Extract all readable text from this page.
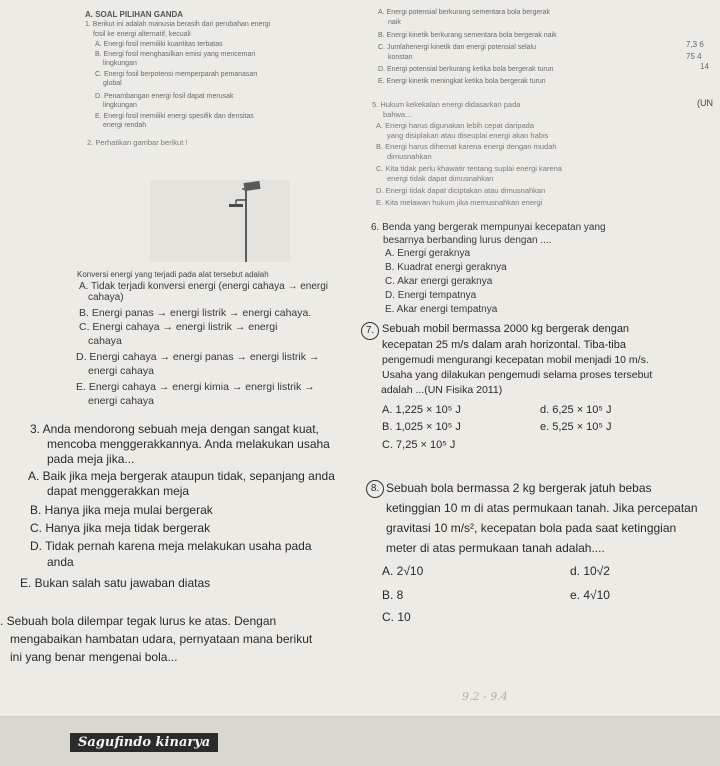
A. SOAL PILIHAN GANDA
1. Berikut ini adalah manusia berasih dari perubahan energi
fosil ke energi alternatif, kecuali
A. Energi fosil memiliki kuantitas terbatas
B. Energi fosil menghasilkan emisi yang mencemari
lingkungan
C. Energi fosil berpotensi memperparah pemanasan
global
D. Penambangan energi fosil dapat merusak
lingkungan
E. Energi fosil memiliki energi spesifik dan densitas
energi rendah
2. Perhatikan gambar berikut !
Konversi energi yang terjadi pada alat tersebut adalah
A. Tidak terjadi konversi energi (energi cahaya → energi
cahaya)
B. Energi panas → energi listrik → energi cahaya.
C. Energi cahaya → energi listrik → energi
cahaya
D. Energi cahaya → energi panas → energi listrik →
energi cahaya
E. Energi cahaya → energi kimia → energi listrik →
energi cahaya
3. Anda mendorong sebuah meja dengan sangat kuat,
mencoba menggerakkannya. Anda melakukan usaha
pada meja jika...
A. Baik jika meja bergerak ataupun tidak, sepanjang anda
dapat menggerakkan meja
B. Hanya jika meja mulai bergerak
C. Hanya jika meja tidak bergerak
D. Tidak pernah karena meja melakukan usaha pada
anda
E. Bukan salah satu jawaban diatas
. Sebuah bola dilempar tegak lurus ke atas. Dengan
mengabaikan hambatan udara, pernyataan mana berikut
ini yang benar mengenai bola...
A. Energi potensial berkurang sementara bola bergerak
naik
B. Energi kinetik berkurang sementara bola bergerak naik
C. Jumlahenergi kinetik dan energi potensial selalu
konstan
D. Energi potensial berkurang ketika bola bergerak turun
E. Energi kinetik meningkat ketika bola bergerak turun
5. Hukum kekekalan energi didasarkan pada
bahwa...
A. Energi harus digunakan lebih cepat daripada
yang disiplakan atau diseuplai energi akan habis
B. Energi harus dihemat karena energi dengan mudah
dimusnahkan
C. Kita tidak perlu khawatir tentang suplai energi karena
energi tidak dapat dimusnahkan
D. Energi tidak dapat diciptakan atau dimusnahkan
E. Kita melawan hukum jika memusnahkan energi
6. Benda yang bergerak mempunyai kecepatan yang
besarnya berbanding lurus dengan ....
A. Energi geraknya
B. Kuadrat energi geraknya
C. Akar energi geraknya
D. Energi tempatnya
E. Akar energi tempatnya
7. Sebuah mobil bermassa 2000 kg bergerak dengan
kecepatan 25 m/s dalam arah horizontal. Tiba-tiba
pengemudi mengurangi kecepatan mobil menjadi 10 m/s.
Usaha yang dilakukan pengemudi selama proses tersebut
adalah ...(UN Fisika 2011)
A. 1,225 × 10⁵ J
B. 1,025 × 10⁵ J
C. 7,25 × 10⁵ J
d. 6,25 × 10⁵ J
e. 5,25 × 10⁵ J
8. Sebuah bola bermassa 2 kg bergerak jatuh bebas
ketinggian 10 m di atas permukaan tanah. Jika percepatan
gravitasi 10 m/s², kecepatan bola pada saat ketinggian
meter di atas permukaan tanah adalah....
A. 2√10
B. 8
C. 10
d. 10√2
e. 4√10
9.2 - 9.4
7,3 6
75 4
14
(UN
Sagufindo kinarya
